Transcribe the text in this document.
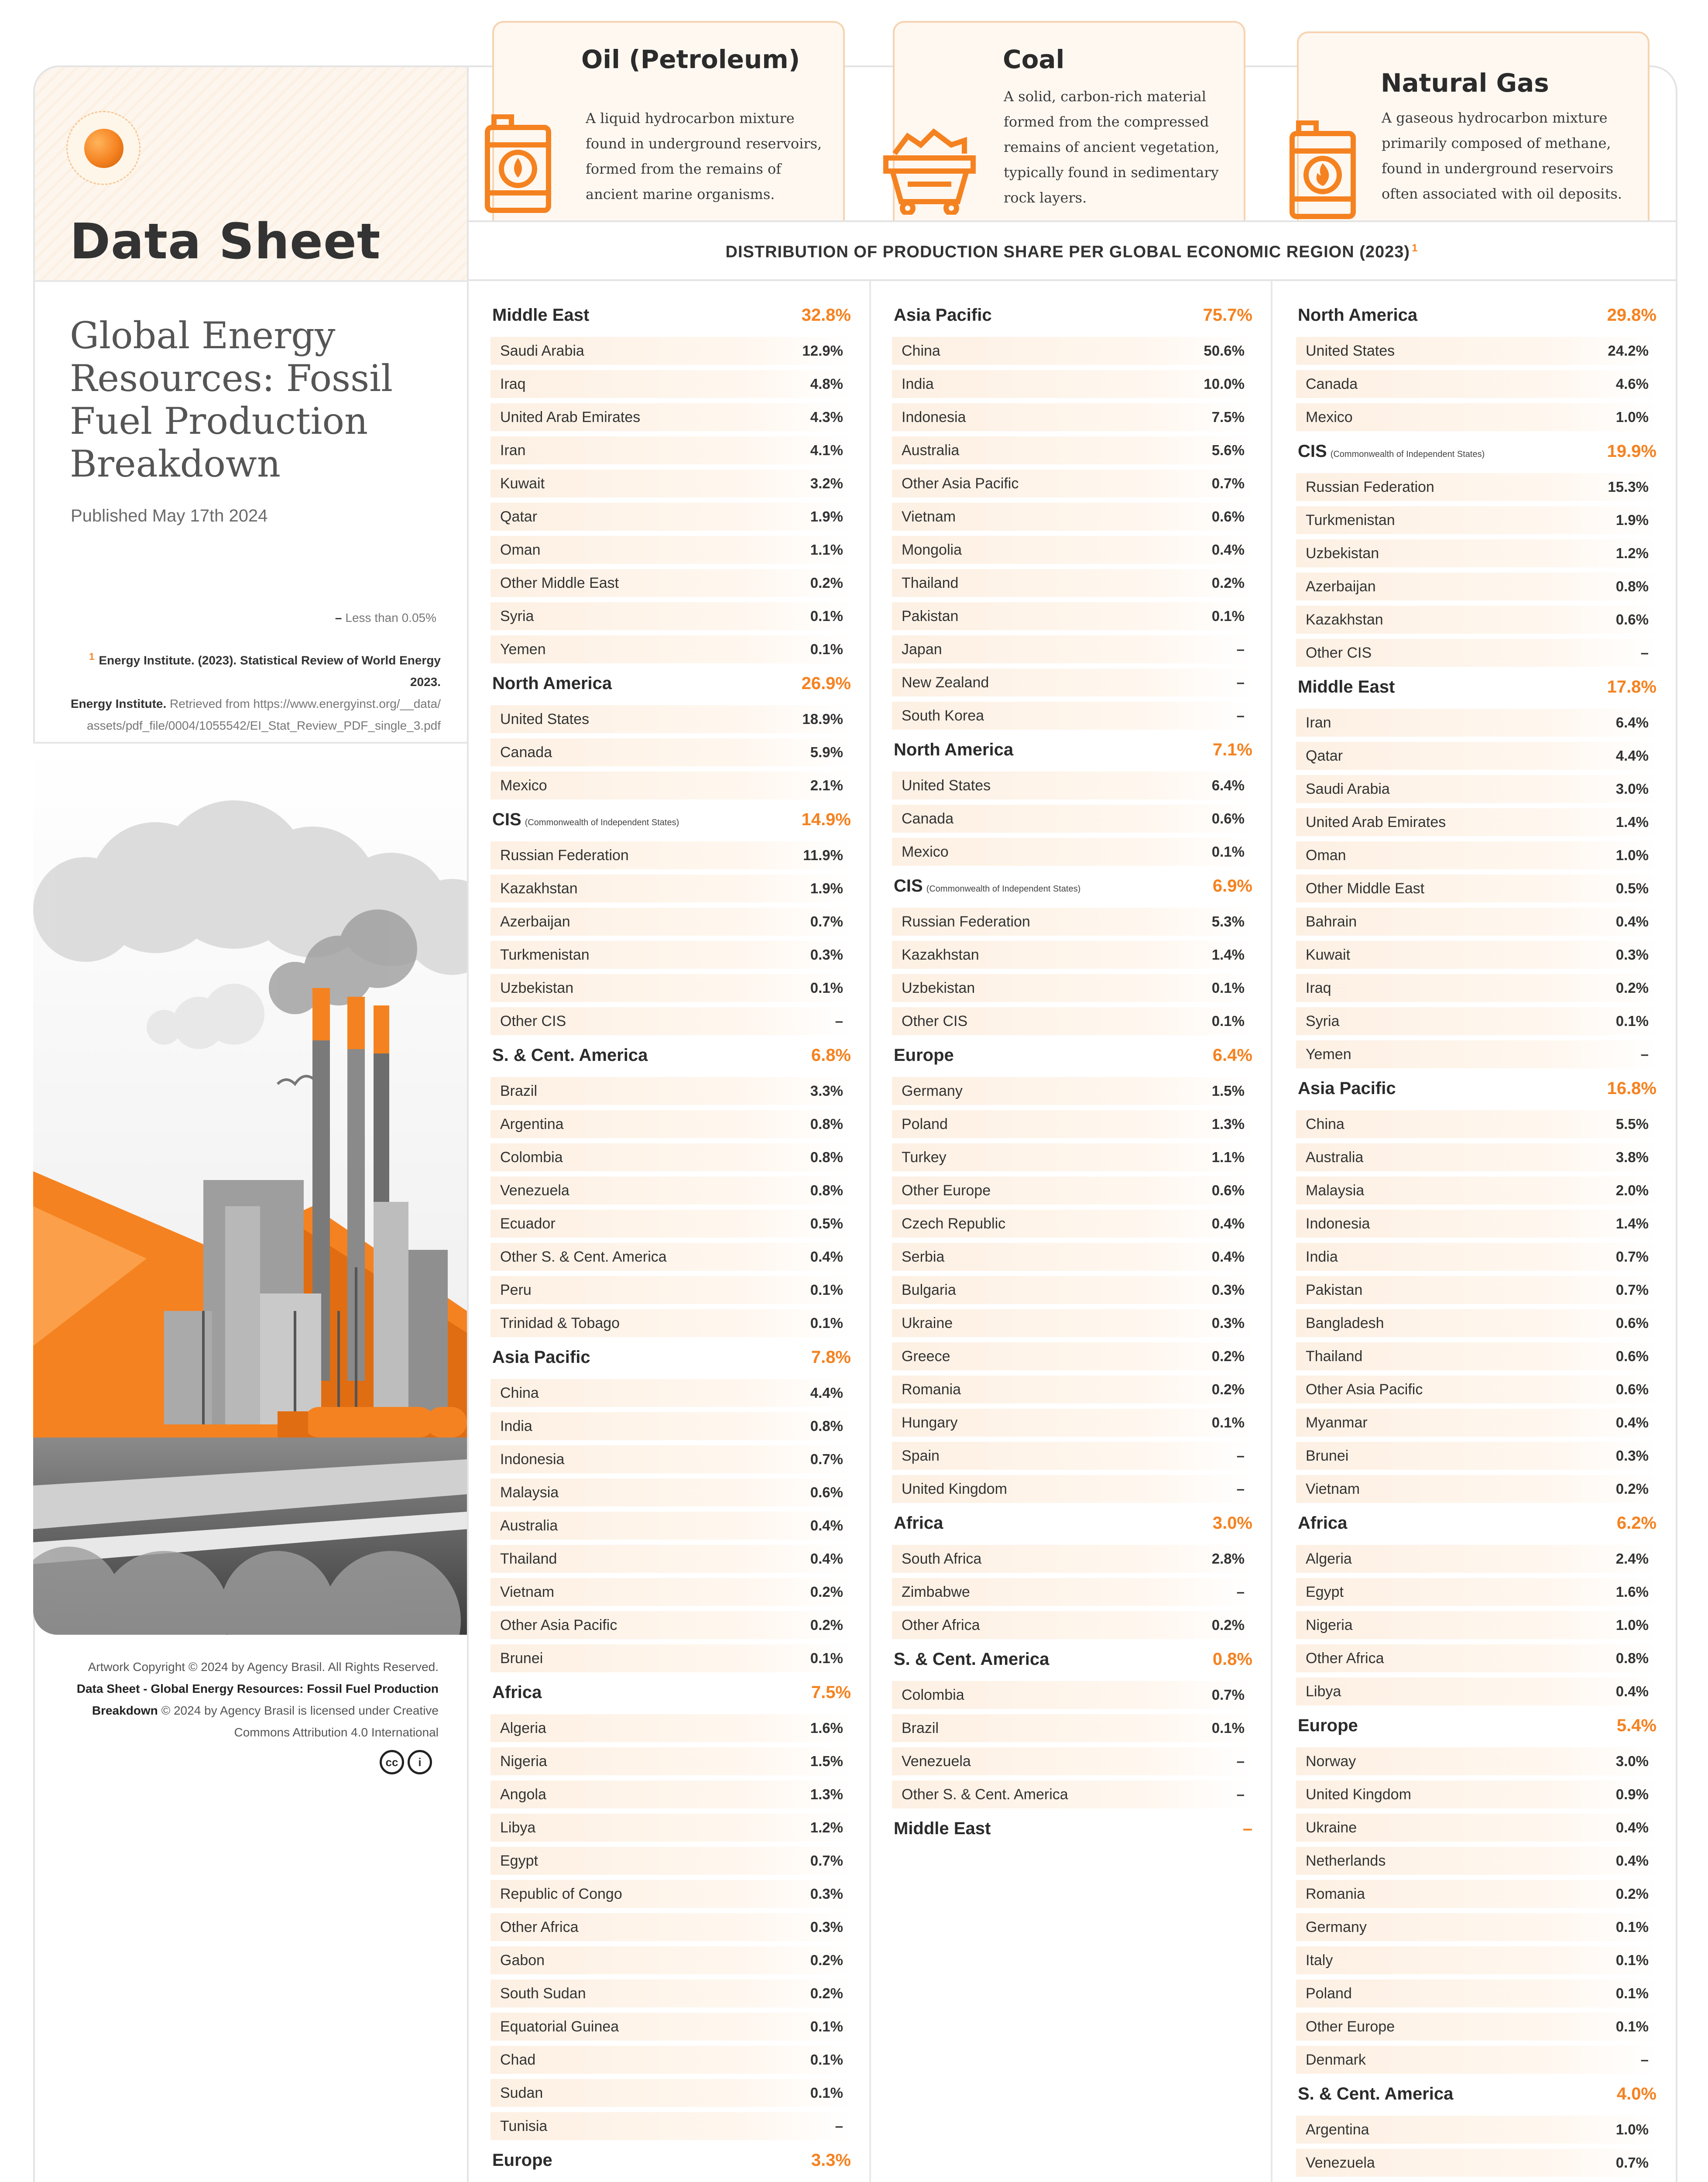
Data Sheet
Global Energy Resources: Fossil Fuel Production Breakdown
Published May 17th 2024
– Less than 0.05%
$^1$ Energy Institute. (2023). Statistical Review of World Energy 2023.
Energy Institute. Retrieved from https://www.energyinst.org/__data/ assets/pdf_file/0004/1055542/EI_Stat_Review_PDF_single_3.pdf
Artwork Copyright © 2024 by Agency Brasil. All Rights Reserved.
Data Sheet - Global Energy Resources: Fossil Fuel Production Breakdown © 2024 by Agency Brasil is licensed under Creative Commons Attribution 4.0 International
cc	i
Oil (Petroleum)
A liquid hydrocarbon mixture found in underground reservoirs, formed from the remains of ancient marine organisms.
Coal
A solid, carbon-rich material formed from the compressed remains of ancient vegetation, typically found in sedimentary rock layers.
Natural Gas
A gaseous hydrocarbon mixture primarily composed of methane, found in underground reservoirs often associated with oil deposits.
DISTRIBUTION OF PRODUCTION SHARE PER GLOBAL ECONOMIC REGION (2023) $^1$
Middle East	32.8%
Saudi Arabia	12.9%
Iraq	4.8%
United Arab Emirates	4.3%
Iran	4.1%
Kuwait	3.2%
Qatar	1.9%
Oman	1.1%
Other Middle East	0.2%
Syria	0.1%
Yemen	0.1%
North America	26.9%
United States	18.9%
Canada	5.9%
Mexico	2.1%
CIS (Commonwealth of Independent States)	14.9%
Russian Federation	11.9%
Kazakhstan	1.9%
Azerbaijan	0.7%
Turkmenistan	0.3%
Uzbekistan	0.1%
Other CIS	–
S. & Cent. America	6.8%
Brazil	3.3%
Argentina	0.8%
Colombia	0.8%
Venezuela	0.8%
Ecuador	0.5%
Other S. & Cent. America	0.4%
Peru	0.1%
Trinidad & Tobago	0.1%
Asia Pacific	7.8%
China	4.4%
India	0.8%
Indonesia	0.7%
Malaysia	0.6%
Australia	0.4%
Thailand	0.4%
Vietnam	0.2%
Other Asia Pacific	0.2%
Brunei	0.1%
Africa	7.5%
Algeria	1.6%
Nigeria	1.5%
Angola	1.3%
Libya	1.2%
Egypt	0.7%
Republic of Congo	0.3%
Other Africa	0.3%
Gabon	0.2%
South Sudan	0.2%
Equatorial Guinea	0.1%
Chad	0.1%
Sudan	0.1%
Tunisia	–
Europe	3.3%
Asia Pacific	75.7%
China	50.6%
India	10.0%
Indonesia	7.5%
Australia	5.6%
Other Asia Pacific	0.7%
Vietnam	0.6%
Mongolia	0.4%
Thailand	0.2%
Pakistan	0.1%
Japan	–
New Zealand	–
South Korea	–
North America	7.1%
United States	6.4%
Canada	0.6%
Mexico	0.1%
CIS (Commonwealth of Independent States)	6.9%
Russian Federation	5.3%
Kazakhstan	1.4%
Uzbekistan	0.1%
Other CIS	0.1%
Europe	6.4%
Germany	1.5%
Poland	1.3%
Turkey	1.1%
Other Europe	0.6%
Czech Republic	0.4%
Serbia	0.4%
Bulgaria	0.3%
Ukraine	0.3%
Greece	0.2%
Romania	0.2%
Hungary	0.1%
Spain	–
United Kingdom	–
Africa	3.0%
South Africa	2.8%
Zimbabwe	–
Other Africa	0.2%
S. & Cent. America	0.8%
Colombia	0.7%
Brazil	0.1%
Venezuela	–
Other S. & Cent. America	–
Middle East	–
North America	29.8%
United States	24.2%
Canada	4.6%
Mexico	1.0%
CIS (Commonwealth of Independent States)	19.9%
Russian Federation	15.3%
Turkmenistan	1.9%
Uzbekistan	1.2%
Azerbaijan	0.8%
Kazakhstan	0.6%
Other CIS	–
Middle East	17.8%
Iran	6.4%
Qatar	4.4%
Saudi Arabia	3.0%
United Arab Emirates	1.4%
Oman	1.0%
Other Middle East	0.5%
Bahrain	0.4%
Kuwait	0.3%
Iraq	0.2%
Syria	0.1%
Yemen	–
Asia Pacific	16.8%
China	5.5%
Australia	3.8%
Malaysia	2.0%
Indonesia	1.4%
India	0.7%
Pakistan	0.7%
Bangladesh	0.6%
Thailand	0.6%
Other Asia Pacific	0.6%
Myanmar	0.4%
Brunei	0.3%
Vietnam	0.2%
Africa	6.2%
Algeria	2.4%
Egypt	1.6%
Nigeria	1.0%
Other Africa	0.8%
Libya	0.4%
Europe	5.4%
Norway	3.0%
United Kingdom	0.9%
Ukraine	0.4%
Netherlands	0.4%
Romania	0.2%
Germany	0.1%
Italy	0.1%
Poland	0.1%
Other Europe	0.1%
Denmark	–
S. & Cent. America	4.0%
Argentina	1.0%
Venezuela	0.7%
